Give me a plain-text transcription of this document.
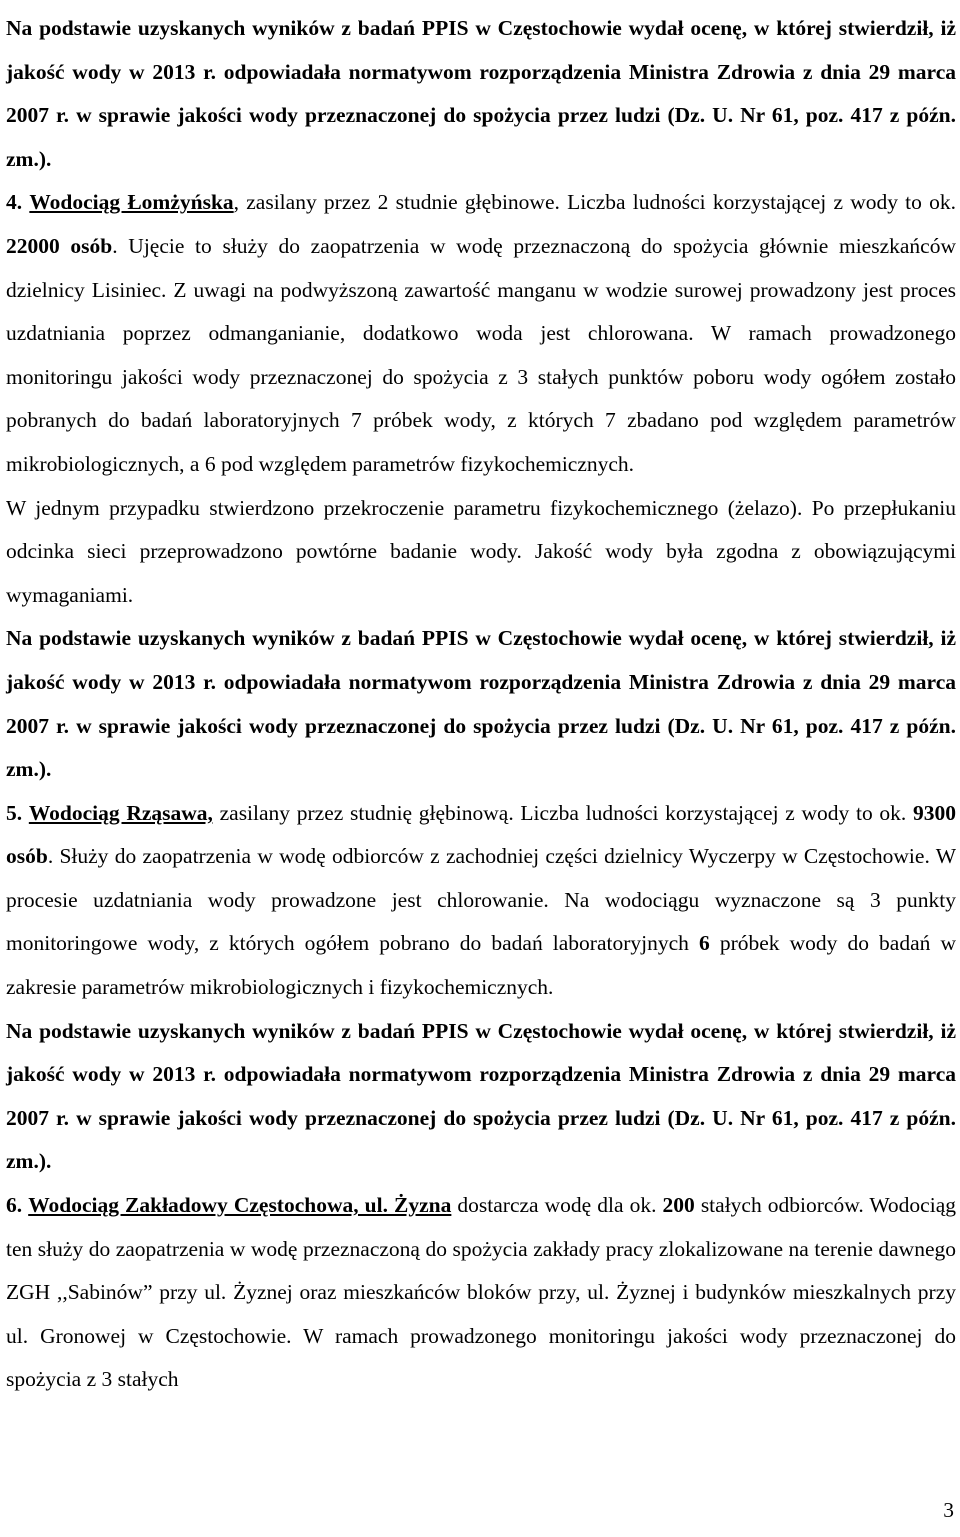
Na podstawie uzyskanych wyników z badań PPIS w Częstochowie wydał ocenę, w której stwierdził, iż jakość wody w 2013 r. odpowiadała normatywom rozporządzenia Ministra Zdrowia z dnia 29 marca 2007 r. w sprawie jakości wody przeznaczonej do spożycia przez ludzi (Dz. U. Nr 61, poz. 417 z późn. zm.).

4. Wodociąg Łomżyńska, zasilany przez 2 studnie głębinowe. Liczba ludności korzystającej z wody to ok. 22000 osób. Ujęcie to służy do zaopatrzenia w wodę przeznaczoną do spożycia głównie mieszkańców dzielnicy Lisiniec. Z uwagi na podwyższoną zawartość manganu w wodzie surowej prowadzony jest proces uzdatniania poprzez odmanganianie, dodatkowo woda jest chlorowana. W ramach prowadzonego monitoringu jakości wody przeznaczonej do spożycia z 3 stałych punktów poboru wody ogółem zostało pobranych do badań laboratoryjnych 7 próbek wody, z których 7 zbadano pod względem parametrów mikrobiologicznych, a 6 pod względem parametrów fizykochemicznych.

W jednym przypadku stwierdzono przekroczenie parametru fizykochemicznego (żelazo). Po przepłukaniu odcinka sieci przeprowadzono powtórne badanie wody. Jakość wody była zgodna z obowiązującymi wymaganiami.

Na podstawie uzyskanych wyników z badań PPIS w Częstochowie wydał ocenę, w której stwierdził, iż jakość wody w 2013 r. odpowiadała normatywom rozporządzenia Ministra Zdrowia z dnia 29 marca 2007 r. w sprawie jakości wody przeznaczonej do spożycia przez ludzi (Dz. U. Nr 61, poz. 417 z późn. zm.).

5. Wodociąg Rząsawa, zasilany przez studnię głębinową. Liczba ludności korzystającej z wody to ok. 9300 osób. Służy do zaopatrzenia w wodę odbiorców z zachodniej części dzielnicy Wyczerpy w Częstochowie. W procesie uzdatniania wody prowadzone jest chlorowanie. Na wodociągu wyznaczone są 3 punkty monitoringowe wody, z których ogółem pobrano do badań laboratoryjnych 6 próbek wody do badań w zakresie parametrów mikrobiologicznych i fizykochemicznych.

Na podstawie uzyskanych wyników z badań PPIS w Częstochowie wydał ocenę, w której stwierdził, iż jakość wody w 2013 r. odpowiadała normatywom rozporządzenia Ministra Zdrowia z dnia 29 marca 2007 r. w sprawie jakości wody przeznaczonej do spożycia przez ludzi (Dz. U. Nr 61, poz. 417 z późn. zm.).

6. Wodociąg Zakładowy Częstochowa, ul. Żyzna dostarcza wodę dla ok. 200 stałych odbiorców. Wodociąg ten służy do zaopatrzenia w wodę przeznaczoną do spożycia zakłady pracy zlokalizowane na terenie dawnego ZGH ,,Sabinów” przy ul. Żyznej oraz mieszkańców bloków przy, ul. Żyznej i budynków mieszkalnych przy ul. Gronowej w Częstochowie. W ramach prowadzonego monitoringu jakości wody przeznaczonej do spożycia z 3 stałych

3
